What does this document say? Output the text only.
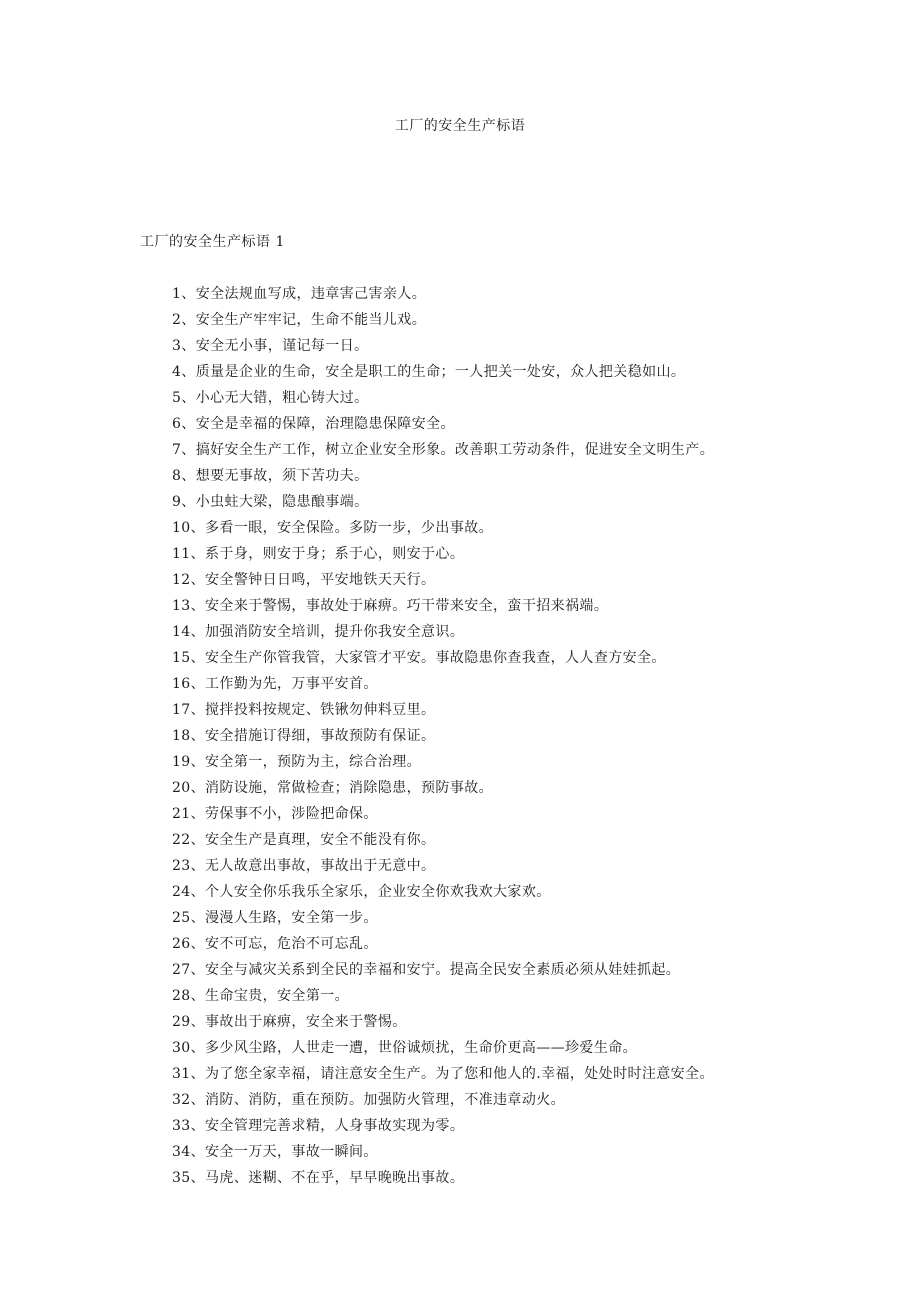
工厂的安全生产标语
工厂的安全生产标语 1
1、安全法规血写成，违章害己害亲人。
2、安全生产牢牢记，生命不能当儿戏。
3、安全无小事，谨记每一日。
4、质量是企业的生命，安全是职工的生命；一人把关一处安，众人把关稳如山。
5、小心无大错，粗心铸大过。
6、安全是幸福的保障，治理隐患保障安全。
7、搞好安全生产工作，树立企业安全形象。改善职工劳动条件，促进安全文明生产。
8、想要无事故，须下苦功夫。
9、小虫蛀大梁，隐患酿事端。
10、多看一眼，安全保险。多防一步，少出事故。
11、系于身，则安于身；系于心，则安于心。
12、安全警钟日日鸣，平安地铁天天行。
13、安全来于警惕，事故处于麻痹。巧干带来安全，蛮干招来祸端。
14、加强消防安全培训，提升你我安全意识。
15、安全生产你管我管，大家管才平安。事故隐患你查我查，人人查方安全。
16、工作勤为先，万事平安首。
17、搅拌投料按规定、铁锹勿伸料豆里。
18、安全措施订得细，事故预防有保证。
19、安全第一，预防为主，综合治理。
20、消防设施，常做检查；消除隐患，预防事故。
21、劳保事不小，涉险把命保。
22、安全生产是真理，安全不能没有你。
23、无人故意出事故，事故出于无意中。
24、个人安全你乐我乐全家乐，企业安全你欢我欢大家欢。
25、漫漫人生路，安全第一步。
26、安不可忘，危治不可忘乱。
27、安全与减灾关系到全民的幸福和安宁。提高全民安全素质必须从娃娃抓起。
28、生命宝贵，安全第一。
29、事故出于麻痹，安全来于警惕。
30、多少风尘路，人世走一遭，世俗诚烦扰，生命价更高——珍爱生命。
31、为了您全家幸福，请注意安全生产。为了您和他人的.幸福，处处时时注意安全。
32、消防、消防，重在预防。加强防火管理，不准违章动火。
33、安全管理完善求精，人身事故实现为零。
34、安全一万天，事故一瞬间。
35、马虎、迷糊、不在乎，早早晚晚出事故。
